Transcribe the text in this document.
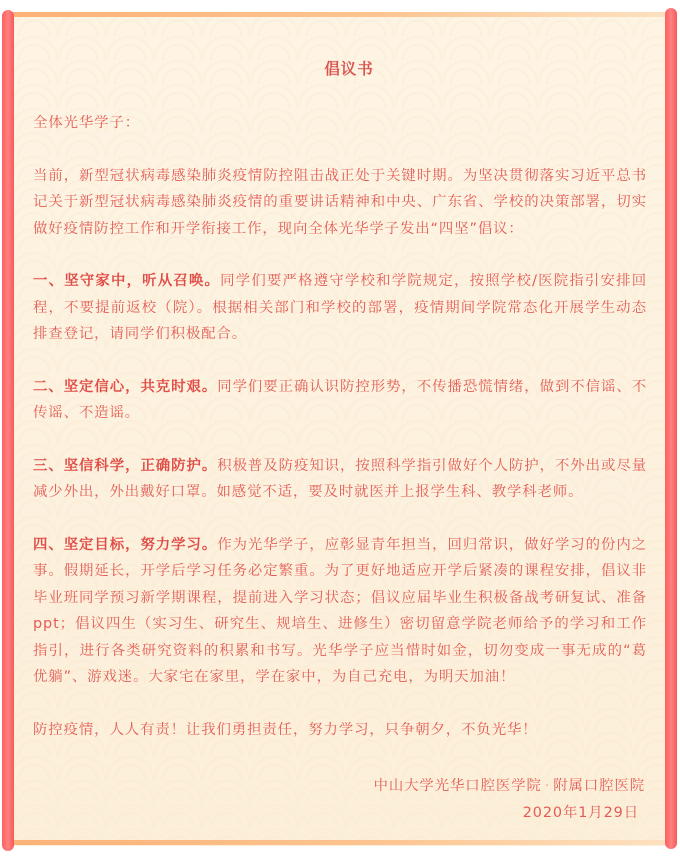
倡议书

全体光华学子：

当前，新型冠状病毒感染肺炎疫情防控阻击战正处于关键时期。为坚决贯彻落实习近平总书记关于新型冠状病毒感染肺炎疫情的重要讲话精神和中央、广东省、学校的决策部署，切实做好疫情防控工作和开学衔接工作，现向全体光华学子发出“四坚”倡议：

一、坚守家中，听从召唤。同学们要严格遵守学校和学院规定，按照学校/医院指引安排回程，不要提前返校（院）。根据相关部门和学校的部署，疫情期间学院常态化开展学生动态排查登记，请同学们积极配合。

二、坚定信心，共克时艰。同学们要正确认识防控形势，不传播恐慌情绪，做到不信谣、不传谣、不造谣。

三、坚信科学，正确防护。积极普及防疫知识，按照科学指引做好个人防护，不外出或尽量减少外出，外出戴好口罩。如感觉不适，要及时就医并上报学生科、教学科老师。

四、坚定目标，努力学习。作为光华学子，应彰显青年担当，回归常识，做好学习的份内之事。假期延长，开学后学习任务必定繁重。为了更好地适应开学后紧凑的课程安排，倡议非毕业班同学预习新学期课程，提前进入学习状态；倡议应届毕业生积极备战考研复试、准备ppt；倡议四生（实习生、研究生、规培生、进修生）密切留意学院老师给予的学习和工作指引，进行各类研究资料的积累和书写。光华学子应当惜时如金，切勿变成一事无成的“葛优躺”、游戏迷。大家宅在家里，学在家中，为自己充电，为明天加油！

防控疫情，人人有责！让我们勇担责任，努力学习，只争朝夕，不负光华！

中山大学光华口腔医学院 · 附属口腔医院

2020年1月29日
